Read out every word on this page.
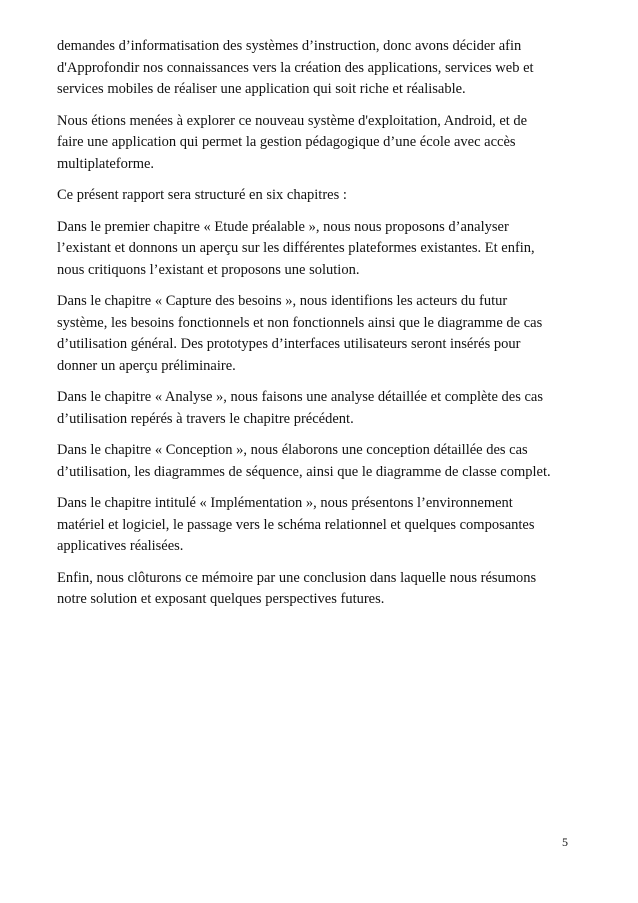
demandes d’informatisation des systèmes d’instruction, donc avons décider afin
d'Approfondir nos connaissances vers la création des applications, services web et
services mobiles de réaliser une application qui soit riche et réalisable.

Nous étions menées à explorer ce nouveau système d'exploitation, Android, et de
faire une application qui permet la gestion pédagogique d’une école avec accès
multiplateforme.

Ce présent rapport sera structuré en six chapitres :

Dans le premier chapitre « Etude préalable », nous nous proposons d’analyser
l’existant et donnons un aperçu sur les différentes plateformes existantes. Et enfin,
nous critiquons l’existant et proposons une solution.

Dans le chapitre « Capture des besoins », nous identifions les acteurs du futur
système, les besoins fonctionnels et non fonctionnels ainsi que le diagramme de cas
d’utilisation général. Des prototypes d’interfaces utilisateurs seront insérés pour
donner un aperçu préliminaire.

Dans le chapitre « Analyse », nous faisons une analyse détaillée et complète des cas
d’utilisation repérés à travers le chapitre précédent.

Dans le chapitre « Conception », nous élaborons une conception détaillée des cas
d’utilisation, les diagrammes de séquence, ainsi que le diagramme de classe complet.

Dans le chapitre intitulé « Implémentation », nous présentons l’environnement
matériel et logiciel, le passage vers le schéma relationnel et quelques composantes
applicatives réalisées.

Enfin, nous clôturons ce mémoire par une conclusion dans laquelle nous résumons
notre solution et exposant quelques perspectives futures.

5
